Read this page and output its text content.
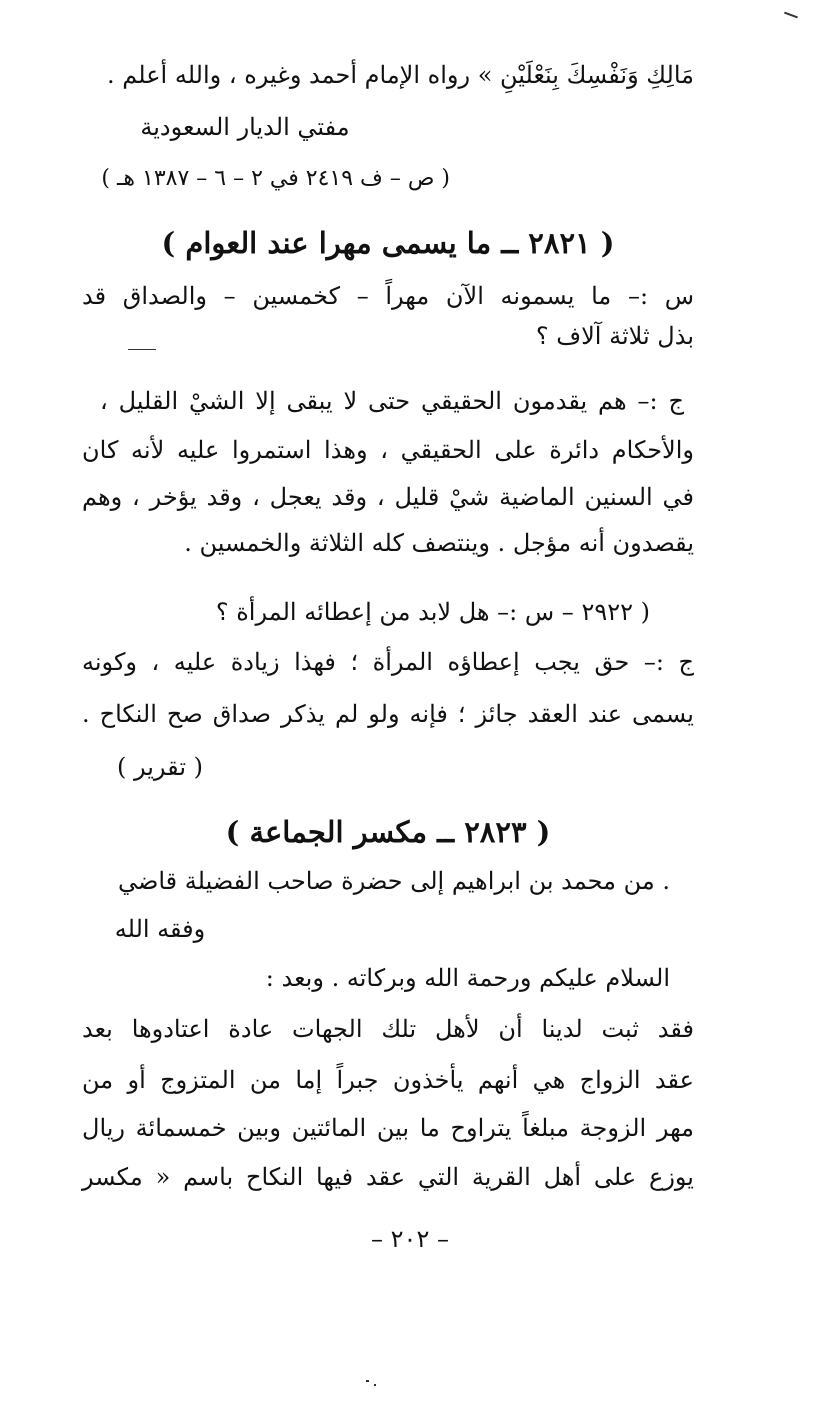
مَالِكِ وَنَفْسِكَ بِنَعْلَيْنِ » رواه الإمام أحمد وغيره ، والله أعلم .
مفتي الديار السعودية
( ص – ف ٢٤١٩ في ٢ – ٦ – ١٣٨٧ هـ )
( ٢٨٢١ ــ ما يسمى مهرا عند العوام )
س :– ما يسمونه الآن مهراً – كخمسين – والصداق قد
بذل ثلاثة آلاف ؟
ج :– هم يقدمون الحقيقي حتى لا يبقى إلا الشيْ القليل ،
والأحكام دائرة على الحقيقي ، وهذا استمروا عليه لأنه كان
في السنين الماضية شيْ قليل ، وقد يعجل ، وقد يؤخر ، وهم
يقصدون أنه مؤجل . وينتصف كله الثلاثة والخمسين .
( ٢٩٢٢ – س :– هل لابد من إعطائه المرأة ؟
ج :– حق يجب إعطاؤه المرأة ؛ فهذا زيادة عليه ، وكونه
يسمى عند العقد جائز ؛ فإنه ولو لم يذكر صداق صح النكاح .
( تقرير )
( ٢٨٢٣ ــ مكسر الجماعة )
. من محمد بن ابراهيم إلى حضرة صاحب الفضيلة قاضي
وفقه الله
السلام عليكم ورحمة الله وبركاته . وبعد :
فقد ثبت لدينا أن لأهل تلك الجهات عادة اعتادوها بعد
عقد الزواج هي أنهم يأخذون جبراً إما من المتزوج أو من
مهر الزوجة مبلغاً يتراوح ما بين المائتين وبين خمسمائة ريال
يوزع على أهل القرية التي عقد فيها النكاح باسم « مكسر
– ٢٠٢ –
